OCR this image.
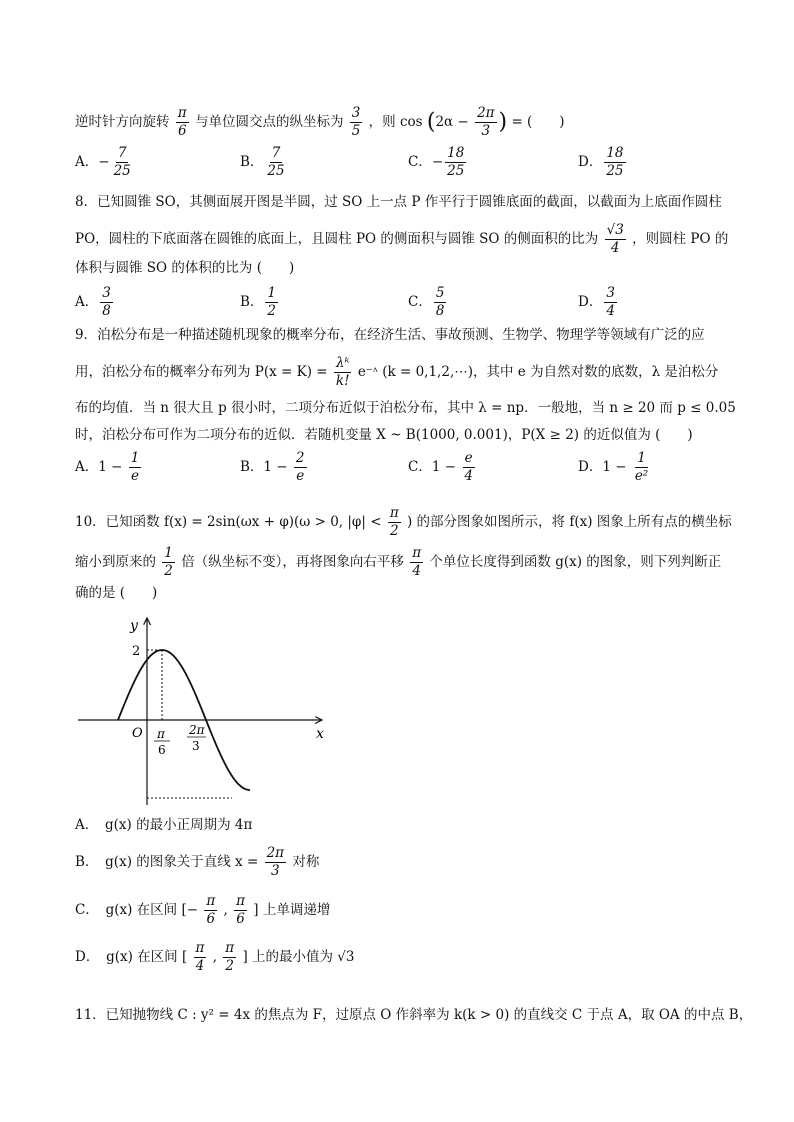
逆时针方向旋转 $\frac{\pi}{6}$ 与单位圆交点的纵坐标为 $\frac{3}{5}$ ，则 $\cos (2\alpha - \frac{2\pi}{3}$ ) = (　　)
A．− $\frac{7}{25}$	B． $\frac{7}{25}$	C．− $\frac{18}{25}$	D． $\frac{18}{25}$
8．已知圆锥 SO，其侧面展开图是半圆，过 SO 上一点 P 作平行于圆锥底面的截面，以截面为上底面作圆柱
PO，圆柱的下底面落在圆锥的底面上，且圆柱 PO 的侧面积与圆锥 SO 的侧面积的比为 $\frac{√3}{4}$ ，则圆柱 PO 的
体积与圆锥 SO 的体积的比为 (　　)
A． $\frac{3}{8}$	B． $\frac{1}{2}$	C． $\frac{5}{8}$	D． $\frac{3}{4}$
9．泊松分布是一种描述随机现象的概率分布，在经济生活、事故预测、生物学、物理学等领域有广泛的应
用，泊松分布的概率分布列为 $P(x = K) = \frac{\text{λᵏ}}{k!}$ e⁻ᶺ (k = 0,1,2,⋯)，其中 e 为自然对数的底数，λ 是泊松分
布的均值．当 n 很大且 p 很小时，二项分布近似于泊松分布，其中 λ = np．一般地，当 n ≥ 20 而 p ≤ 0.05
时，泊松分布可作为二项分布的近似．若随机变量 X ~ B(1000, 0.001)，P(X ≥ 2) 的近似值为 (　　)
A．$1 - \frac{1}{e}$	B．$1 - \frac{2}{e}$	C．$1 - \frac{e}{4}$	D．$1 - \frac{1}{\text{e²}}$
10．已知函数 f(x) = 2sin(ωx + φ)(ω > 0, $|\varphi| < \frac{\pi}{2}$ ) 的部分图象如图所示，将 f(x) 图象上所有点的横坐标
缩小到原来的 $\frac{1}{2}$ 倍（纵坐标不变），再将图象向右平移 $\frac{\pi}{4}$ 个单位长度得到函数 g(x) 的图象，则下列判断正
确的是 (　　)
y
x
O
2
π
6
2π
3
A．　g(x) 的最小正周期为 4π
B．　g(x) 的图象关于直线 $x = \frac{2\pi}{3}$ 对称
C．　g(x) 在区间 [− $\frac{\pi}{6}$ , $\frac{\pi}{6}$ ] 上单调递增
D．　g(x) 在区间 [ $\frac{\pi}{4}$ , $\frac{\pi}{2}$ ] 上的最小值为 √3
11．已知抛物线 C : y² = 4x 的焦点为 F，过原点 O 作斜率为 k(k > 0) 的直线交 C 于点 A，取 OA 的中点 B，
